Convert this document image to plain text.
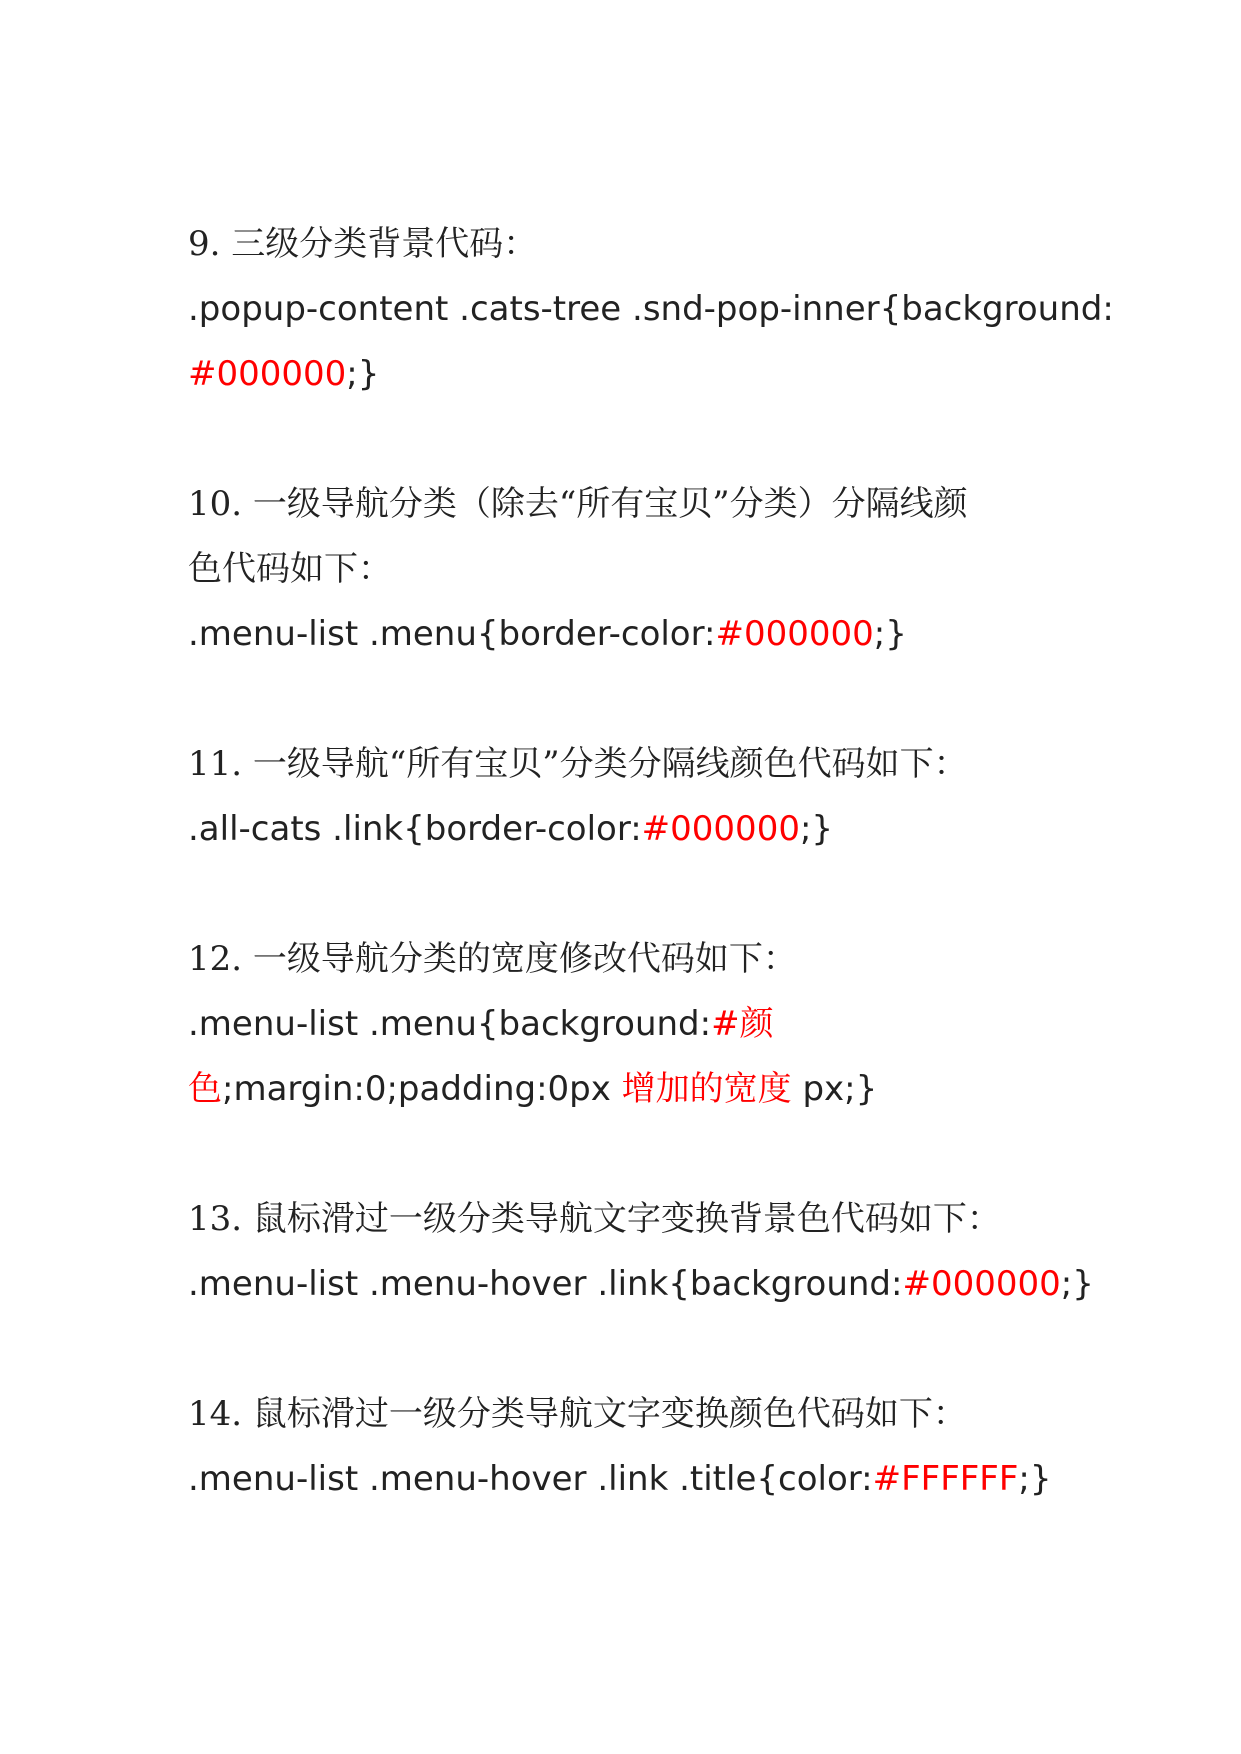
9. 三级分类背景代码：
.popup-content .cats-tree .snd-pop-inner{background:
#000000;}
10. 一级导航分类（除去“所有宝贝”分类）分隔线颜
色代码如下：
.menu-list .menu{border-color:#000000;}
11. 一级导航“所有宝贝”分类分隔线颜色代码如下：
.all-cats .link{border-color:#000000;}
12. 一级导航分类的宽度修改代码如下：
.menu-list .menu{background:#颜
色;margin:0;padding:0px 增加的宽度 px;}
13. 鼠标滑过一级分类导航文字变换背景色代码如下：
.menu-list .menu-hover .link{background:#000000;}
14. 鼠标滑过一级分类导航文字变换颜色代码如下：
.menu-list .menu-hover .link .title{color:#FFFFFF;}
